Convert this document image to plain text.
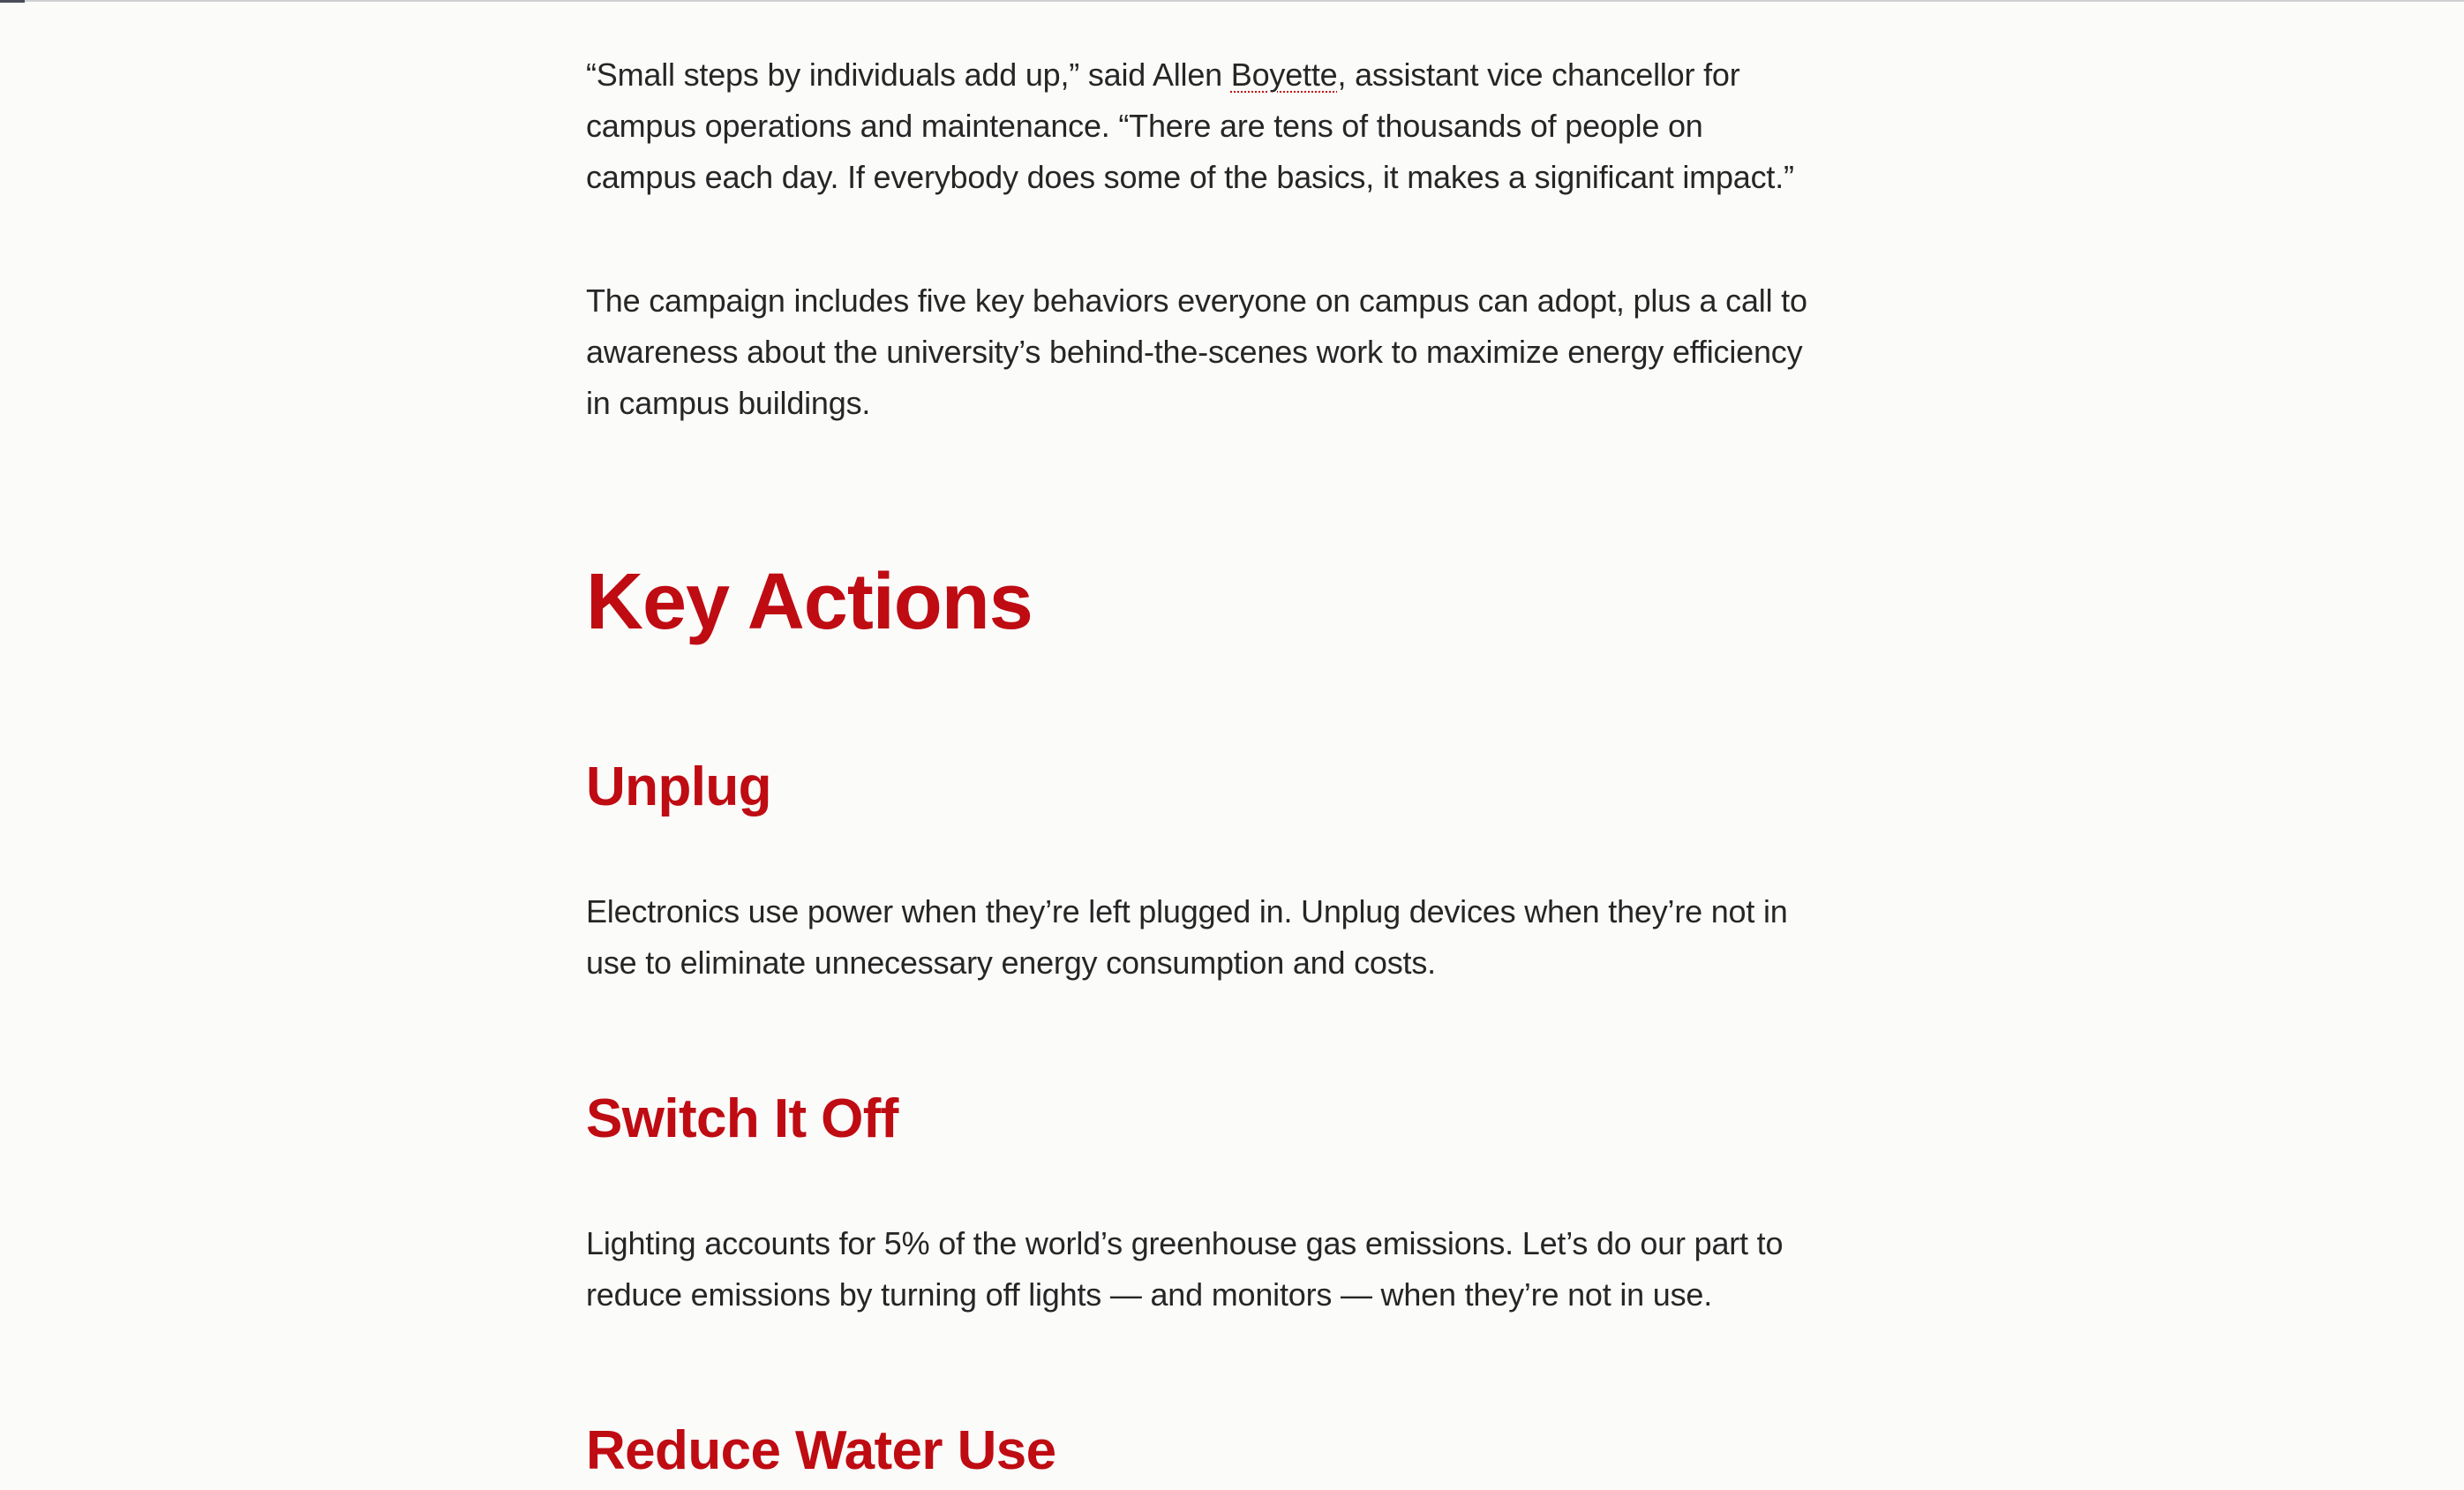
“Small steps by individuals add up,” said Allen Boyette, assistant vice chancellor for campus operations and maintenance. “There are tens of thousands of people on campus each day. If everybody does some of the basics, it makes a significant impact.”

The campaign includes five key behaviors everyone on campus can adopt, plus a call to awareness about the university’s behind-the-scenes work to maximize energy efficiency in campus buildings.

Key Actions
Unplug

Electronics use power when they’re left plugged in. Unplug devices when they’re not in use to eliminate unnecessary energy consumption and costs.

Switch It Off

Lighting accounts for 5% of the world’s greenhouse gas emissions. Let’s do our part to reduce emissions by turning off lights — and monitors — when they’re not in use.

Reduce Water Use
